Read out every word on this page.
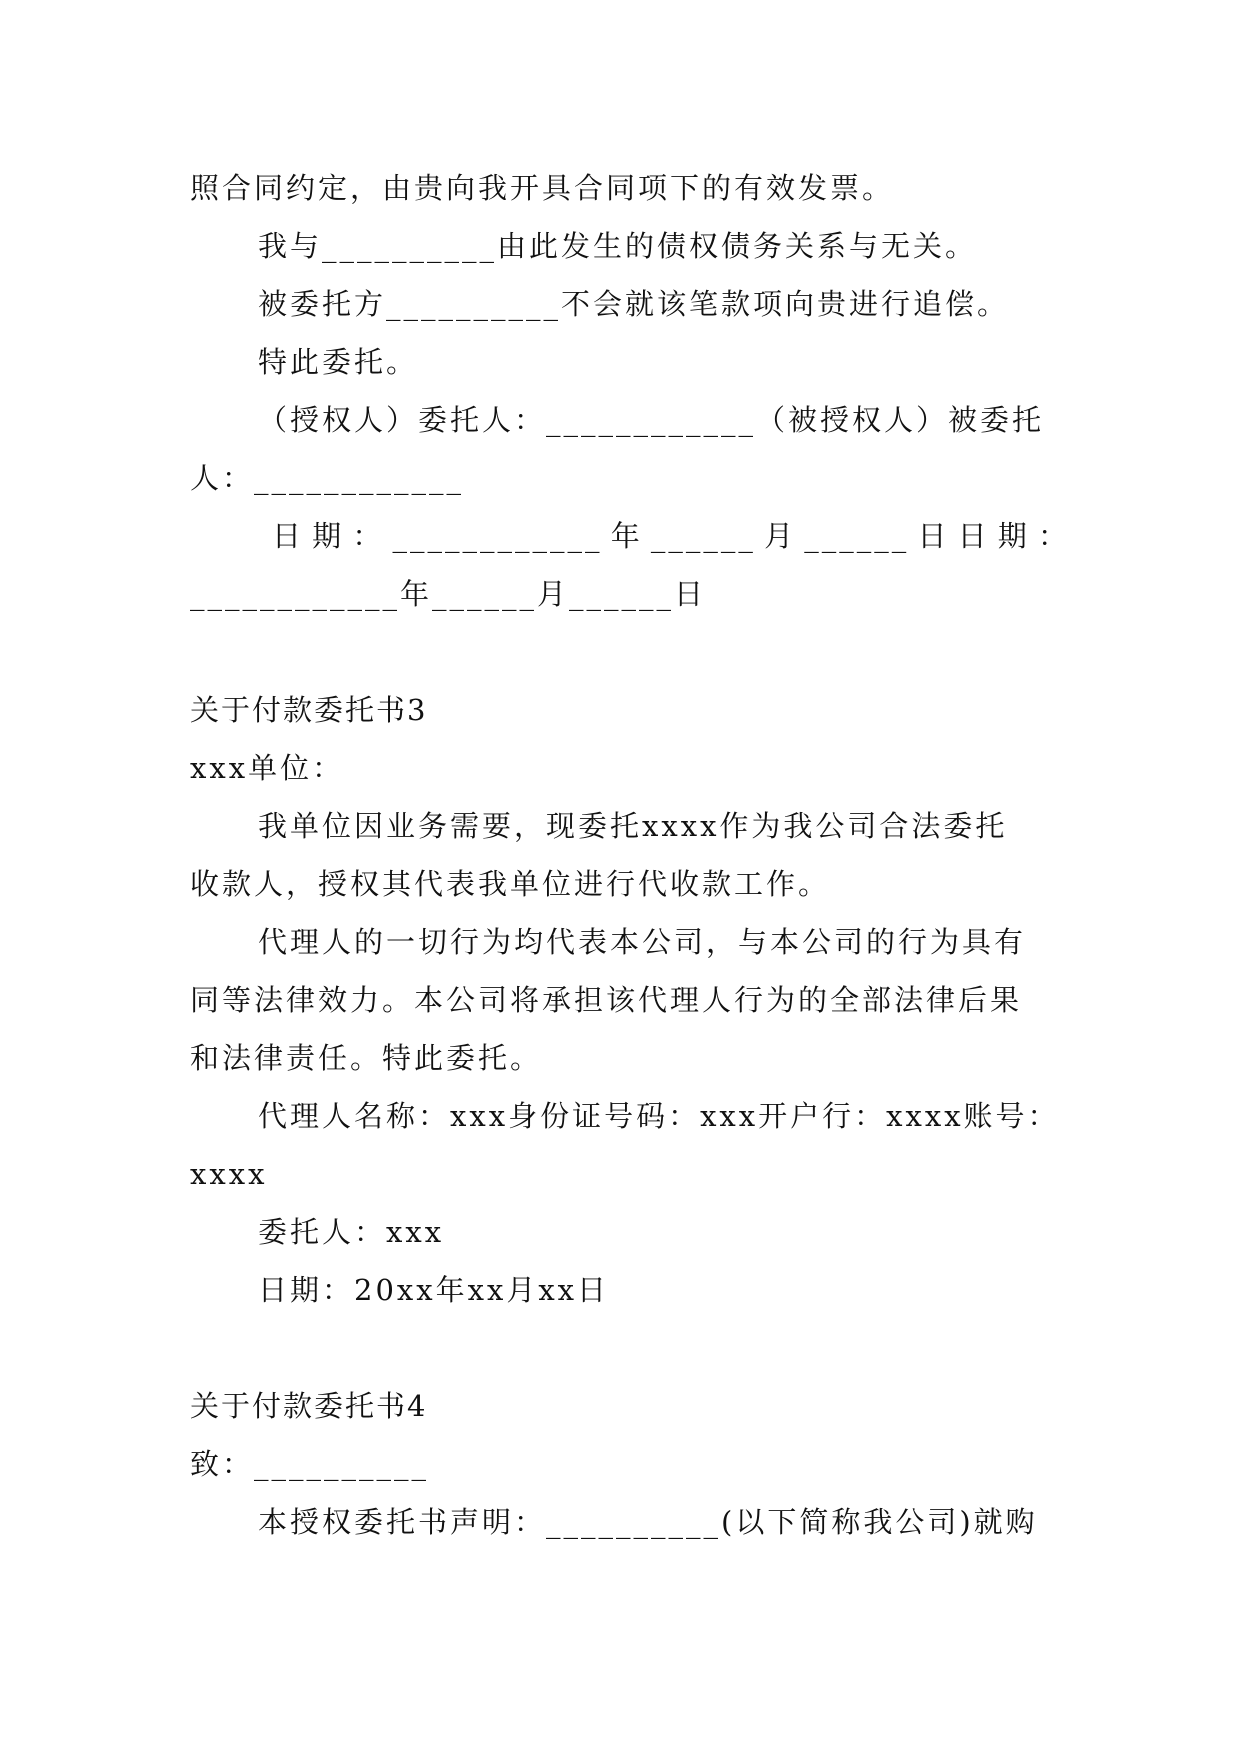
照合同约定，由贵向我开具合同项下的有效发票。
我与__________由此发生的债权债务关系与无关。
被委托方__________不会就该笔款项向贵进行追偿。
特此委托。
（授权人）委托人：____________（被授权人）被委托
人：____________
日期：____________年______月______日日期：
____________年______月______日
关于付款委托书3
xxx单位：
我单位因业务需要，现委托xxxx作为我公司合法委托
收款人，授权其代表我单位进行代收款工作。
代理人的一切行为均代表本公司，与本公司的行为具有
同等法律效力。本公司将承担该代理人行为的全部法律后果
和法律责任。特此委托。
代理人名称：xxx身份证号码：xxx开户行：xxxx账号：
xxxx
委托人：xxx
日期：20xx年xx月xx日
关于付款委托书4
致：__________
本授权委托书声明：__________(以下简称我公司)就购
